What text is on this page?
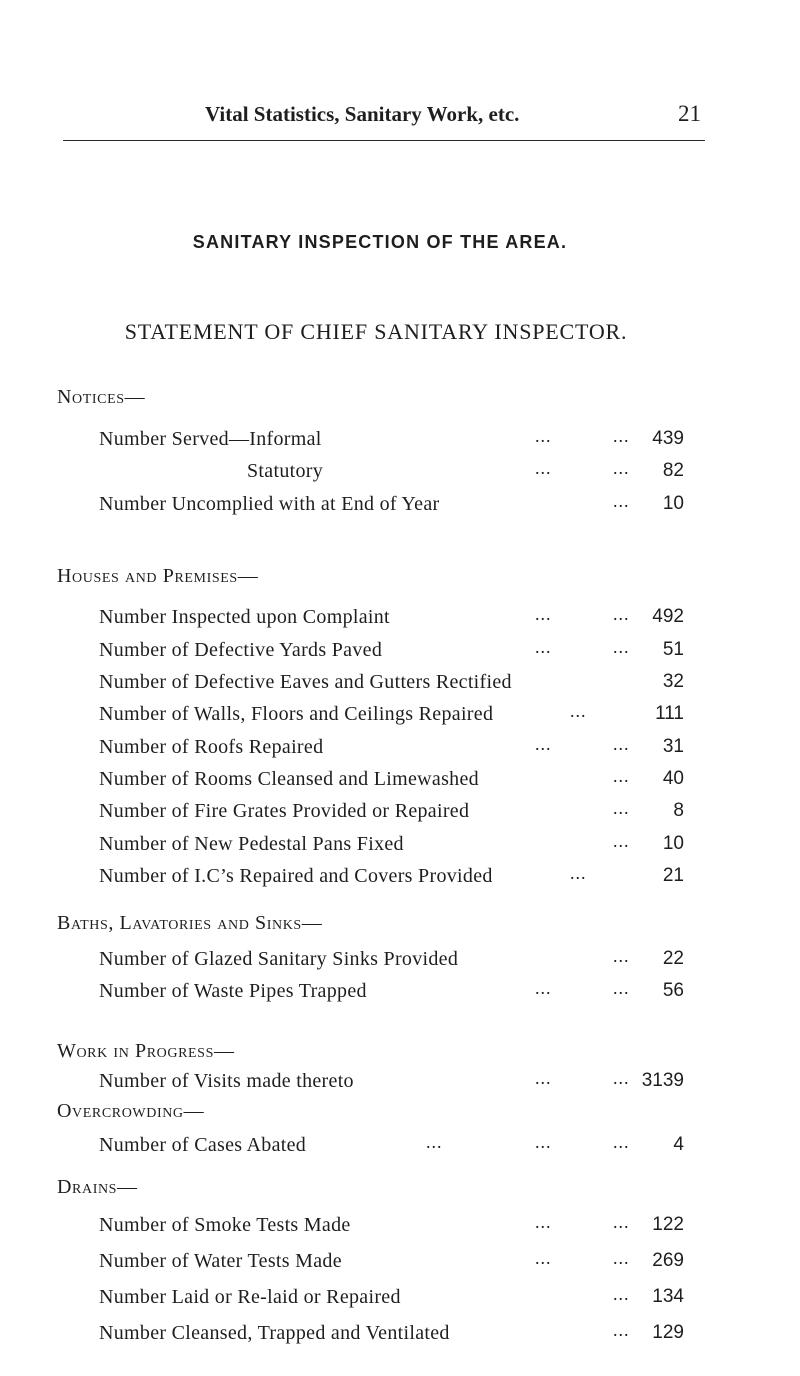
Vital Statistics, Sanitary Work, etc.	21
SANITARY INSPECTION OF THE AREA.
STATEMENT OF CHIEF SANITARY INSPECTOR.
Notices—
Number Served—Informal	...	...	439
Statutory	...	...	82
Number Uncomplied with at End of Year	...	10
Houses and Premises—
Number Inspected upon Complaint	...	...	492
Number of Defective Yards Paved	...	...	51
Number of Defective Eaves and Gutters Rectified	32
Number of Walls, Floors and Ceilings Repaired	...	111
Number of Roofs Repaired	...	...	31
Number of Rooms Cleansed and Limewashed	...	40
Number of Fire Grates Provided or Repaired	...	8
Number of New Pedestal Pans Fixed	...	10
Number of I.C’s Repaired and Covers Provided	...	21
Baths, Lavatories and Sinks—
Number of Glazed Sanitary Sinks Provided	...	22
Number of Waste Pipes Trapped	...	...	56
Work in Progress—
Number of Visits made thereto	...	... 3139
Overcrowding—
Number of Cases Abated	...	...	...	4
Drains—
Number of Smoke Tests Made	...	...	122
Number of Water Tests Made	...	...	269
Number Laid or Re-laid or Repaired	...	134
Number Cleansed, Trapped and Ventilated	...	129
